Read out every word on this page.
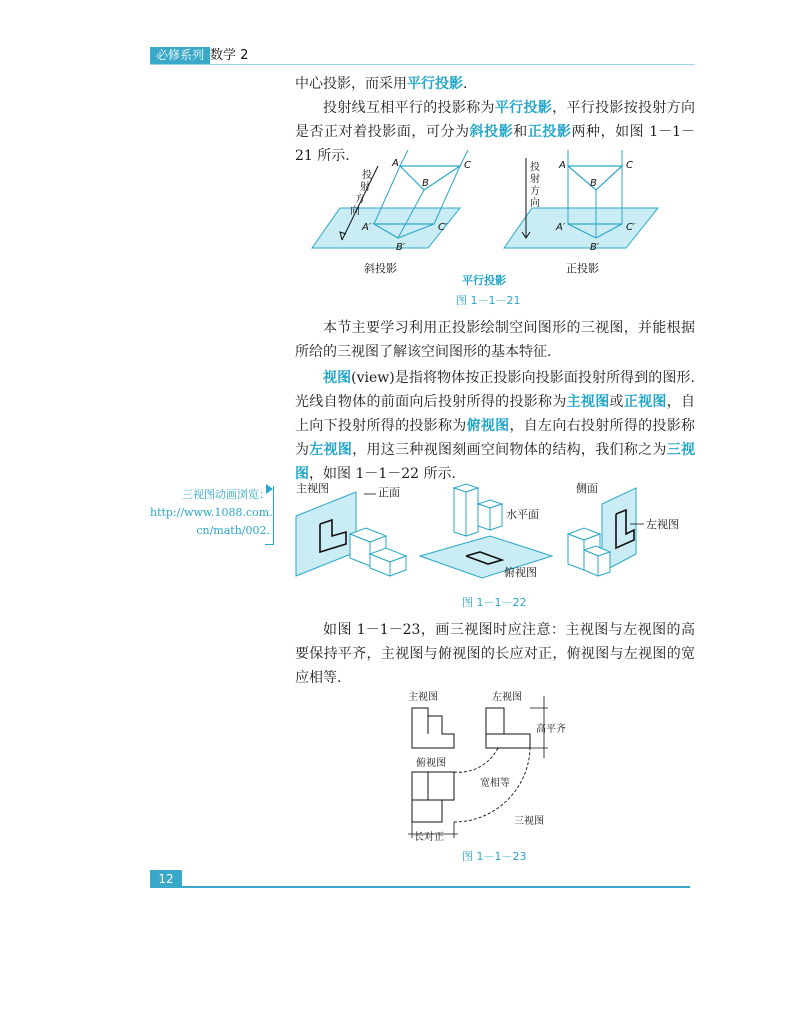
必修系列 数学 2
中心投影，而采用平行投影.
投射线互相平行的投影称为平行投影，平行投影按投射方向是否正对着投影面，可分为斜投影和正投影两种，如图 1－1－21 所示.
投
射
方
向
A	C
B
A′	C′
B′
斜投影
投
射
方
向
A	C
B
A′	C′
B′
正投影
平行投影
图 1－1－21
本节主要学习利用正投影绘制空间图形的三视图，并能根据所给的三视图了解该空间图形的基本特征.
视图(view)是指将物体按正投影向投影面投射所得到的图形.光线自物体的前面向后投射所得的投影称为主视图或正视图，自上向下投射所得的投影称为俯视图，自左向右投射所得的投影称为左视图，用这三种视图刻画空间物体的结构，我们称之为三视图，如图 1－1－22 所示.
三视图动画浏览：
http://www.1088.com.
cn/math/002.
主视图	正面
水平面
俯视图
侧面
左视图
图 1－1－22
如图 1－1－23，画三视图时应注意：主视图与左视图的高要保持平齐，主视图与俯视图的长应对正，俯视图与左视图的宽应相等.
主视图	左视图
俯视图
高平齐
宽相等
长对正
三视图
图 1－1－23
12
